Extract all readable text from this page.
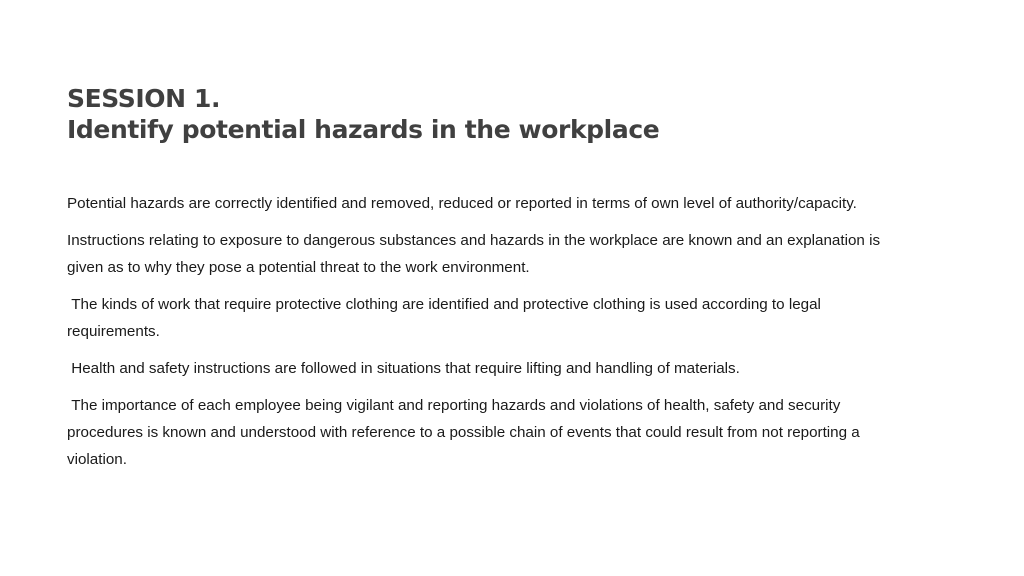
SESSION 1.
Identify potential hazards in the workplace

Potential hazards are correctly identified and removed, reduced or reported in terms of own level of authority/capacity.

Instructions relating to exposure to dangerous substances and hazards in the workplace are known and an explanation is given as to why they pose a potential threat to the work environment.

The kinds of work that require protective clothing are identified and protective clothing is used according to legal requirements.

Health and safety instructions are followed in situations that require lifting and handling of materials.

The importance of each employee being vigilant and reporting hazards and violations of health, safety and security procedures is known and understood with reference to a possible chain of events that could result from not reporting a violation.
